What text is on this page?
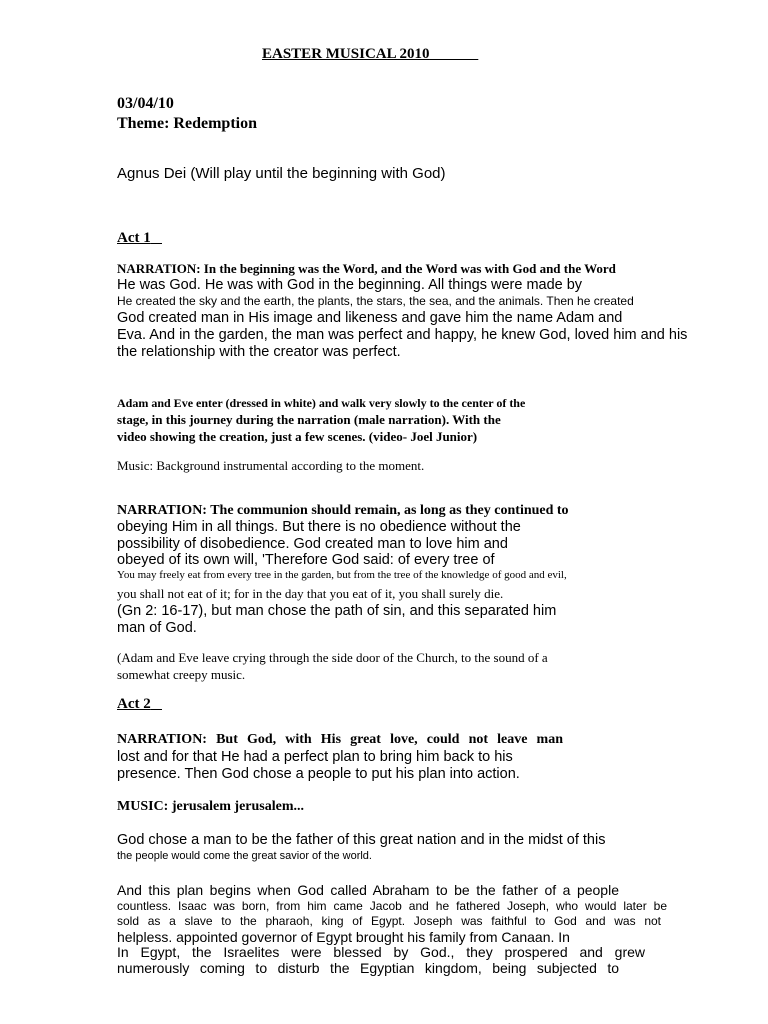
EASTER MUSICAL 2010
03/04/10
Theme: Redemption
Agnus Dei (Will play until the beginning with God)
Act 1
NARRATION: In the beginning was the Word, and the Word was with God and the Word
He was God. He was with God in the beginning. All things were made by
He created the sky and the earth, the plants, the stars, the sea, and the animals. Then he created
God created man in His image and likeness and gave him the name Adam and
Eva. And in the garden, the man was perfect and happy, he knew God, loved him and his
the relationship with the creator was perfect.
Adam and Eve enter (dressed in white) and walk very slowly to the center of the
stage, in this journey during the narration (male narration). With the
video showing the creation, just a few scenes. (video- Joel Junior)
Music: Background instrumental according to the moment.
NARRATION: The communion should remain, as long as they continued to
obeying Him in all things. But there is no obedience without the
possibility of disobedience. God created man to love him and
obeyed of its own will, 'Therefore God said: of every tree of
You may freely eat from every tree in the garden, but from the tree of the knowledge of good and evil,
you shall not eat of it; for in the day that you eat of it, you shall surely die.
(Gn 2: 16-17), but man chose the path of sin, and this separated him
man of God.
(Adam and Eve leave crying through the side door of the Church, to the sound of a
somewhat creepy music.
Act 2
NARRATION: But God, with His great love, could not leave man
lost and for that He had a perfect plan to bring him back to his
presence. Then God chose a people to put his plan into action.
MUSIC: jerusalem jerusalem...
God chose a man to be the father of this great nation and in the midst of this
the people would come the great savior of the world.
And this plan begins when God called Abraham to be the father of a people
countless. Isaac was born, from him came Jacob and he fathered Joseph, who would later be
sold as a slave to the pharaoh, king of Egypt. Joseph was faithful to God and was not
helpless. appointed governor of Egypt brought his family from Canaan. In
In Egypt, the Israelites were blessed by God., they prospered and grew
numerously coming to disturb the Egyptian kingdom, being subjected to
